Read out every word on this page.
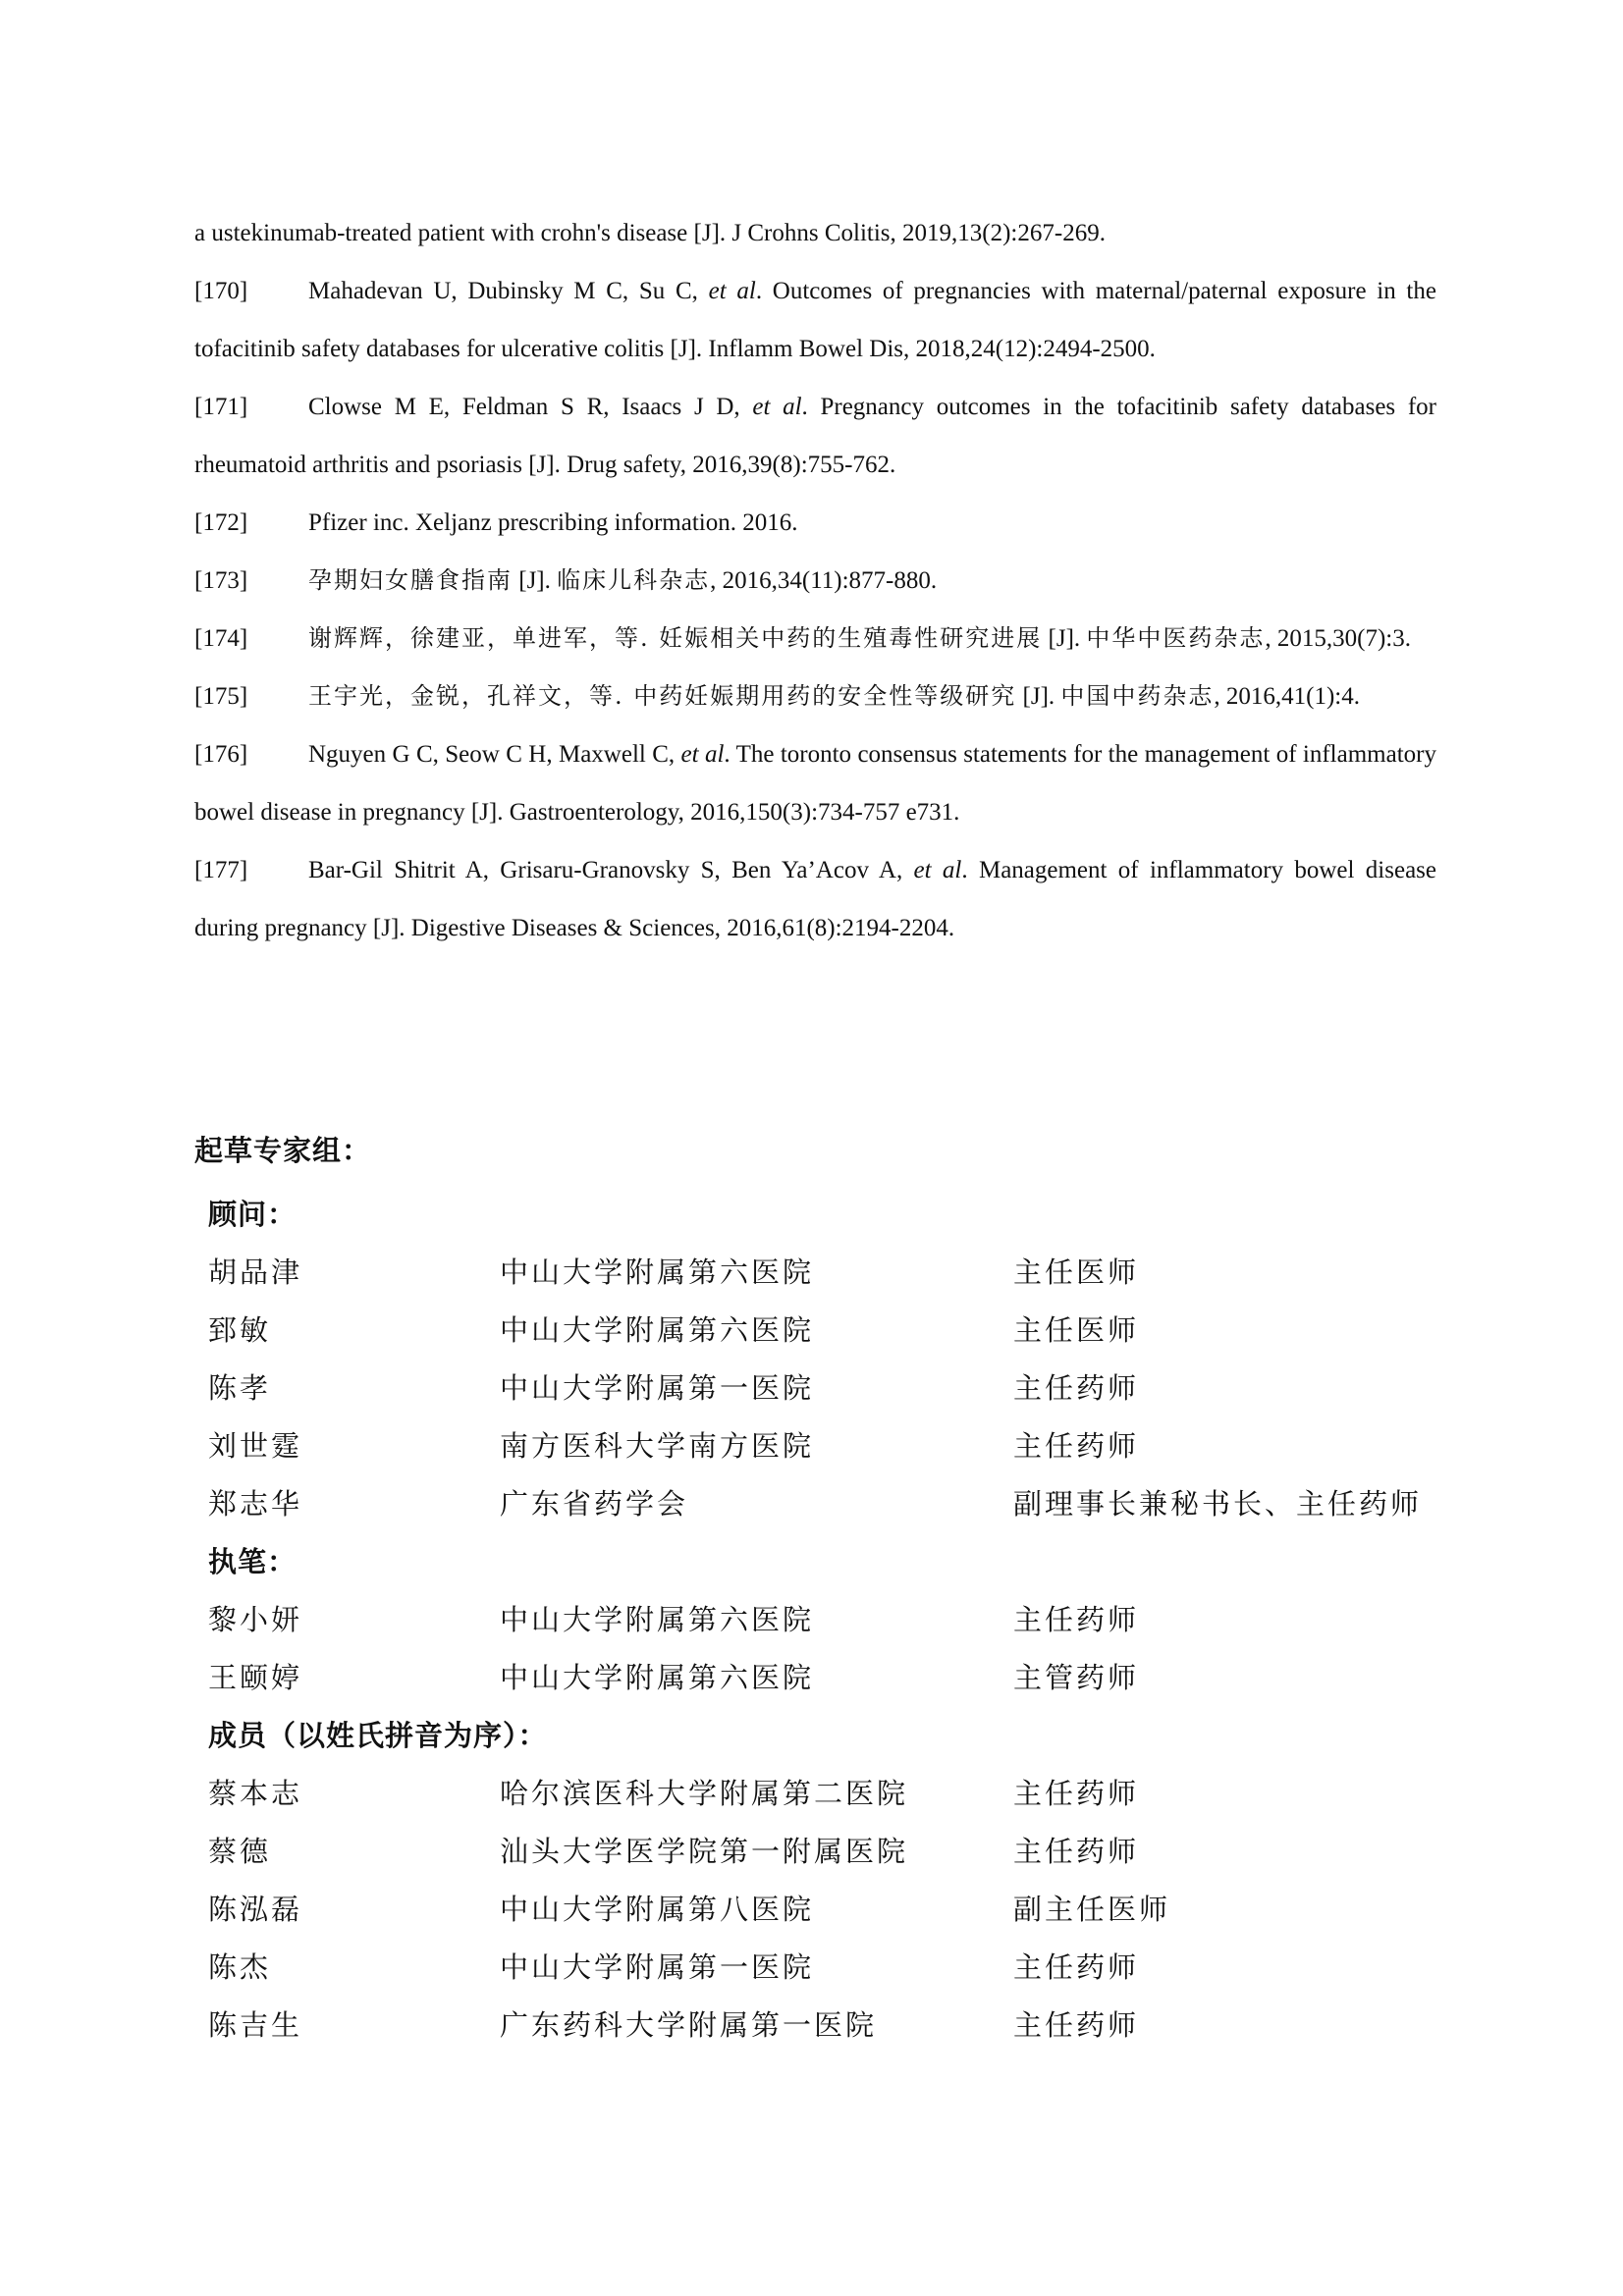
a ustekinumab-treated patient with crohn's disease [J]. J Crohns Colitis, 2019,13(2):267-269.
[170] Mahadevan U, Dubinsky M C, Su C, et al. Outcomes of pregnancies with maternal/paternal exposure in the tofacitinib safety databases for ulcerative colitis [J]. Inflamm Bowel Dis, 2018,24(12):2494-2500.
[171] Clowse M E, Feldman S R, Isaacs J D, et al. Pregnancy outcomes in the tofacitinib safety databases for rheumatoid arthritis and psoriasis [J]. Drug safety, 2016,39(8):755-762.
[172] Pfizer inc. Xeljanz prescribing information. 2016.
[173]	孕期妇女膳食指南 [J]. 临床儿科杂志, 2016,34(11):877-880.
[174]	谢辉辉，徐建亚，单进军，等. 妊娠相关中药的生殖毒性研究进展 [J]. 中华中医药杂志, 2015,30(7):3.
[175]	王宇光，金锐，孔祥文，等. 中药妊娠期用药的安全性等级研究 [J]. 中国中药杂志, 2016,41(1):4.
[176] Nguyen G C, Seow C H, Maxwell C, et al. The toronto consensus statements for the management of inflammatory bowel disease in pregnancy [J]. Gastroenterology, 2016,150(3):734-757 e731.
[177] Bar-Gil Shitrit A, Grisaru-Granovsky S, Ben Ya’Acov A, et al. Management of inflammatory bowel disease during pregnancy [J]. Digestive Diseases & Sciences, 2016,61(8):2194-2204.
起草专家组：
顾问：
胡品津	中山大学附属第六医院	主任医师
郅敏	中山大学附属第六医院	主任医师
陈孝	中山大学附属第一医院	主任药师
刘世霆	南方医科大学南方医院	主任药师
郑志华	广东省药学会	副理事长兼秘书长、主任药师
执笔：
黎小妍	中山大学附属第六医院	主任药师
王颐婷	中山大学附属第六医院	主管药师
成员（以姓氏拼音为序）：
蔡本志	哈尔滨医科大学附属第二医院	主任药师
蔡德	汕头大学医学院第一附属医院	主任药师
陈泓磊	中山大学附属第八医院	副主任医师
陈杰	中山大学附属第一医院	主任药师
陈吉生	广东药科大学附属第一医院	主任药师
